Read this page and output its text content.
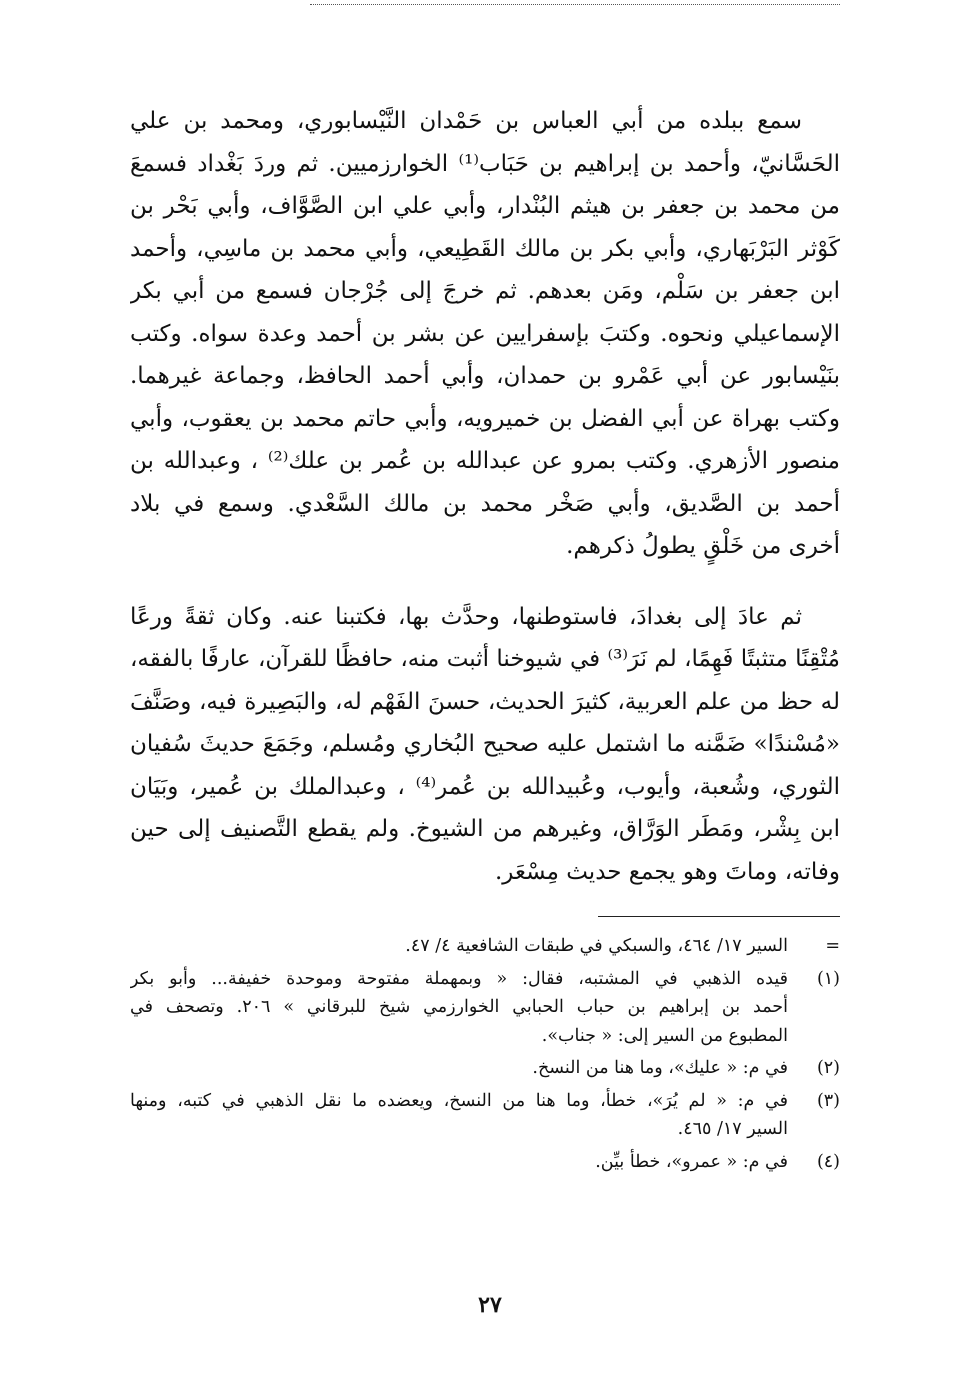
سمع ببلده من أبي العباس بن حَمْدان النَّيْسابوري، ومحمد بن علي
الحَسَّانيّ، وأحمد بن إبراهيم بن حَبَاب⁽¹⁾ الخوارزميين. ثم وردَ بَغْداد فسمعَ
من محمد بن جعفر بن هيثم البُنْدار، وأبي علي ابن الصَّوَّاف، وأبي بَحْر بن
كَوْثر البَرْبَهاري، وأبي بكر بن مالك القَطِيعي، وأبي محمد بن ماسِي، وأحمد
ابن جعفر بن سَلْم، ومَن بعدهم. ثم خرجَ إلى جُرْجان فسمع من أبي بكر
الإسماعيلي ونحوه. وكتبَ بإسفرايين عن بشر بن أحمد وعدة سواه. وكتب
بنَيْسابور عن أبي عَمْرو بن حمدان، وأبي أحمد الحافظ، وجماعة غيرهما.
وكتب بهراة عن أبي الفضل بن خميرويه، وأبي حاتم محمد بن يعقوب، وأبي
منصور الأزهري. وكتب بمرو عن عبدالله بن عُمر بن علك⁽²⁾ ، وعبدالله بن
أحمد بن الصَّديق، وأبي صَخْر محمد بن مالك السَّعْدي. وسمع في بلاد
أخرى من خَلْقٍ يطولُ ذكرهم.

ثم عادَ إلى بغدادَ، فاستوطنها، وحدَّث بها، فكتبنا عنه. وكان ثقةً ورعًا
مُتْقِنًا متثبتًا فَهِمًا، لم نَرَ⁽³⁾ في شيوخنا أثبت منه، حافظًا للقرآن، عارفًا بالفقه،
له حظ من علم العربية، كثيرَ الحديث، حسنَ الفَهْم له، والبَصِيرة فيه، وصَنَّفَ
«مُسْندًا» ضَمَّنه ما اشتمل عليه صحيح البُخاري ومُسلم، وجَمَعَ حديثَ سُفيان
الثوري، وشُعبة، وأيوب، وعُبيدالله بن عُمر⁽⁴⁾ ، وعبدالملك بن عُمير، وبَيَان
ابن بِشْر، ومَطَر الوَرَّاق، وغيرهم من الشيوخ. ولم يقطع التَّصنيف إلى حين
وفاته، وماتَ وهو يجمع حديث مِسْعَر.

=
السير ١٧/ ٤٦٤، والسبكي في طبقات الشافعية ٤/ ٤٧.
(١)
قيده الذهبي في المشتبه، فقال: « وبمهملة مفتوحة وموحدة خفيفة... وأبو بكر
أحمد بن إبراهيم بن حباب الحبابي الخوارزمي شيخ للبرقاني » ٢٠٦. وتصحف في
المطبوع من السير إلى: « جناب».
(٢)
في م: « عليك»، وما هنا من النسخ.
(٣)
في م: « لم يُرَ»، خطأ، وما هنا من النسخ، ويعضده ما نقل الذهبي في كتبه، ومنها
السير ١٧/ ٤٦٥.
(٤)
في م: « عمرو»، خطأ بيِّن.
٢٧
